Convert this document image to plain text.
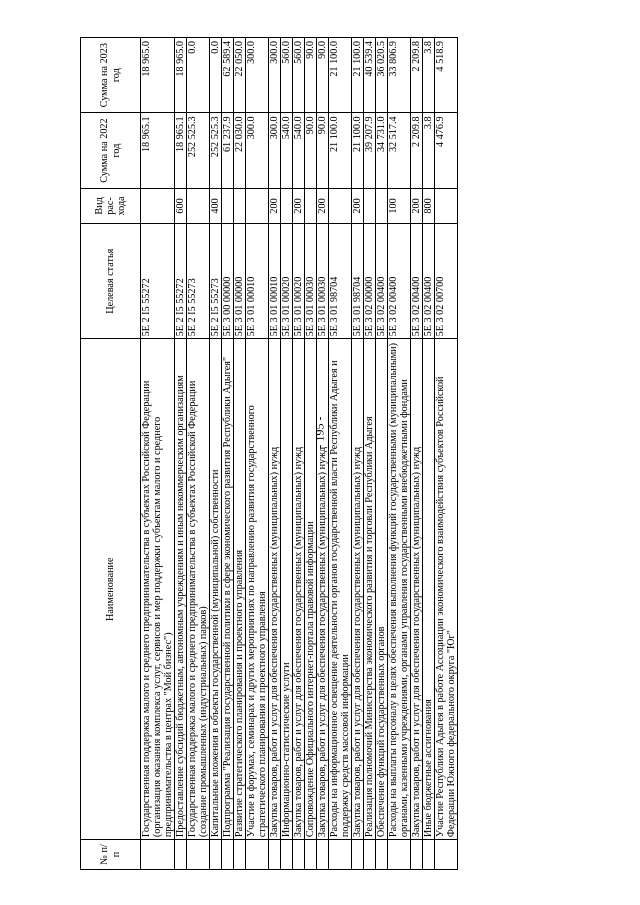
- 195 -
№ п/п	Наименование	Целевая статья	Вид рас- хода	Сумма на 2022 год	Сумма на 2023 год
	Государственная поддержка малого и среднего предпринимательства в субъектах Российской Федерации (организация оказания комплекса услуг, сервисов и мер поддержки субъектам малого и среднего предпринимательства в центрах "Мой бизнес")	5Е 2 I5 55272		18 965.1	18 965.0
	Предоставление субсидий бюджетным, автономным учреждениям и иным некоммерческим организациям	5Е 2 I5 55272	600	18 965.1	18 965.0
	Государственная поддержка малого и среднего предпринимательства в субъектах Российской Федерации (создание промышленных (индустриальных) парков)	5Е 2 I5 55273		252 525.3	0.0
	Капитальные вложения в объекты государственной (муниципальной) собственности	5Е 2 I5 55273	400	252 525.3	0.0
	Подпрограмма "Реализация государственной политики в сфере экономического развития Республики Адыгея"	5Е 3 00 00000		61 237.9	62 589.4
	Развитие стратегического планирования и проектного управления	5Е 3 01 00000		22 030.0	22 050.0
	Участие в форумах, семинарах и других мероприятиях по направлению развития государственного стратегического планирования и проектного управления	5Е 3 01 00010		300.0	300.0
	Закупка товаров, работ и услуг для обеспечения государственных (муниципальных) нужд	5Е 3 01 00010	200	300.0	300.0
	Информационно-статистические услуги	5Е 3 01 00020		540.0	560.0
	Закупка товаров, работ и услуг для обеспечения государственных (муниципальных) нужд	5Е 3 01 00020	200	540.0	560.0
	Сопровождение Официального интернет-портала правовой информации	5Е 3 01 00030		90.0	90.0
	Закупка товаров, работ и услуг для обеспечения государственных (муниципальных) нужд	5Е 3 01 00030	200	90.0	90.0
	Расходы на информационное освещение деятельности органов государственной власти Республики Адыгея и поддержку средств массовой информации	5Е 3 01 98704		21 100.0	21 100.0
	Закупка товаров, работ и услуг для обеспечения государственных (муниципальных) нужд	5Е 3 01 98704	200	21 100.0	21 100.0
	Реализация полномочий Министерства экономического развития и торговли Республики Адыгея	5Е 3 02 00000		39 207.9	40 539.4
	Обеспечение функций государственных органов	5Е 3 02 00400		34 731.0	36 020.5
	Расходы на выплаты персоналу в целях обеспечения выполнения функций государственными (муниципальными) органами, казенными учреждениями, органами управления государственными внебюджетными фондами	5Е 3 02 00400	100	32 517.4	33 806.9
	Закупка товаров, работ и услуг для обеспечения государственных (муниципальных) нужд	5Е 3 02 00400	200	2 209.8	2 209.8
	Иные бюджетные ассигнования	5Е 3 02 00400	800	3.8	3.8
	Участие Республики Адыгея в работе Ассоциации экономического взаимодействия субъектов Российской Федерации Южного федерального округа "Юг"	5Е 3 02 00700		4 476.9	4 518.9
